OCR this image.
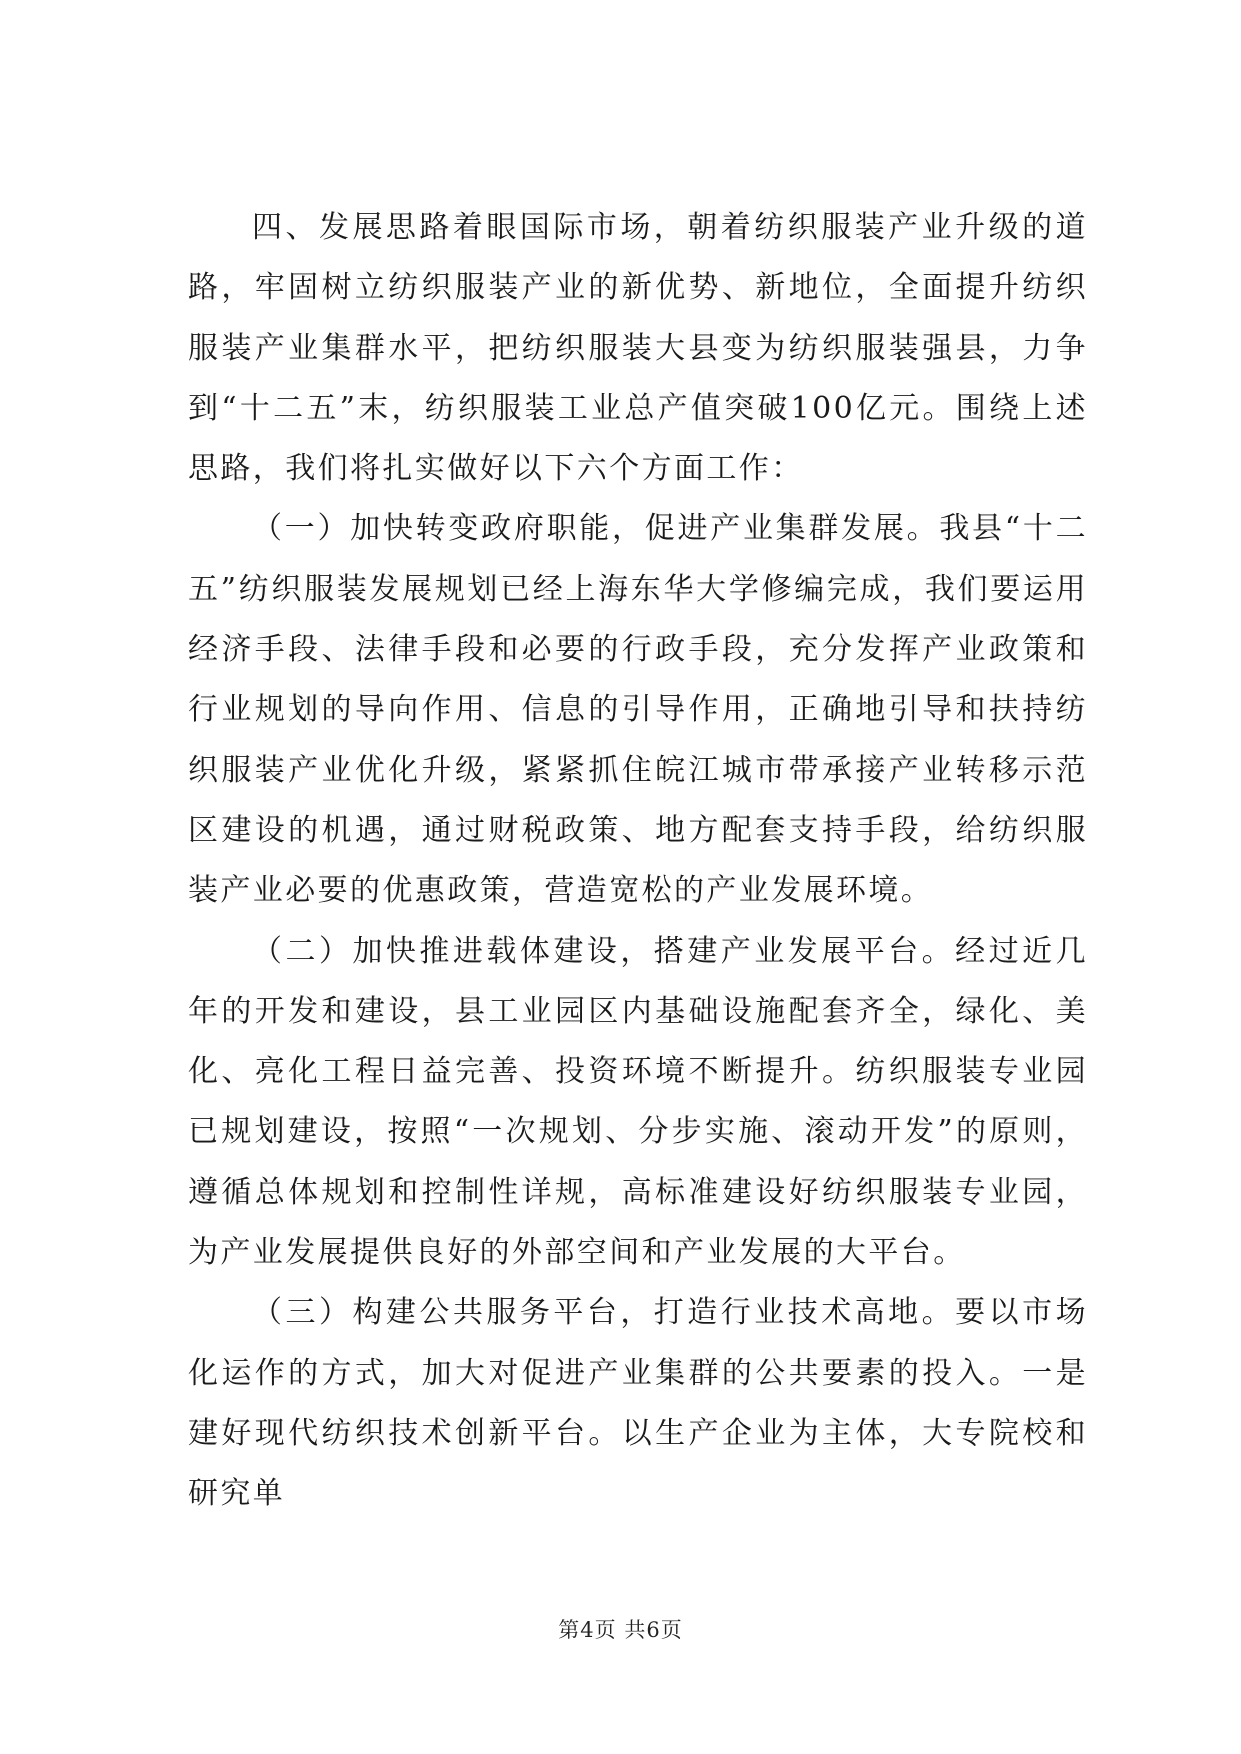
四、发展思路着眼国际市场，朝着纺织服装产业升级的道路，牢固树立纺织服装产业的新优势、新地位，全面提升纺织服装产业集群水平，把纺织服装大县变为纺织服装强县，力争到“十二五”末，纺织服装工业总产值突破100亿元。围绕上述思路，我们将扎实做好以下六个方面工作：

（一）加快转变政府职能，促进产业集群发展。我县“十二五”纺织服装发展规划已经上海东华大学修编完成，我们要运用经济手段、法律手段和必要的行政手段，充分发挥产业政策和行业规划的导向作用、信息的引导作用，正确地引导和扶持纺织服装产业优化升级，紧紧抓住皖江城市带承接产业转移示范区建设的机遇，通过财税政策、地方配套支持手段，给纺织服装产业必要的优惠政策，营造宽松的产业发展环境。

（二）加快推进载体建设，搭建产业发展平台。经过近几年的开发和建设，县工业园区内基础设施配套齐全，绿化、美化、亮化工程日益完善、投资环境不断提升。纺织服装专业园已规划建设，按照“一次规划、分步实施、滚动开发”的原则，遵循总体规划和控制性详规，高标准建设好纺织服装专业园，为产业发展提供良好的外部空间和产业发展的大平台。

（三）构建公共服务平台，打造行业技术高地。要以市场化运作的方式，加大对促进产业集群的公共要素的投入。一是建好现代纺织技术创新平台。以生产企业为主体，大专院校和研究单

第4页 共6页
